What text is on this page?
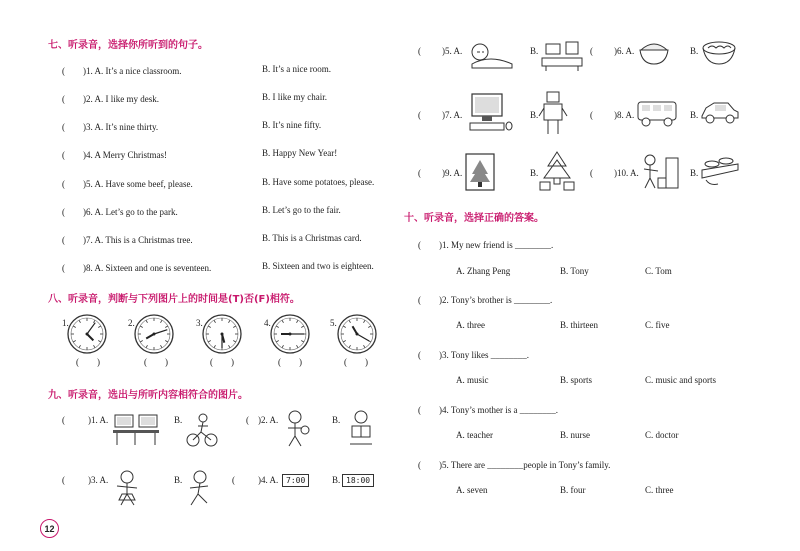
七、听录音，选择你所听到的句子。
(　　)1. A. It’s a nice classroom.	B. It’s a nice room.
(　　)2. A. I like my desk.	B. I like my chair.
(　　)3. A. It’s nine thirty.	B. It’s nine fifty.
(　　)4. A Merry Christmas!	B. Happy New Year!
(　　)5. A. Have some beef, please.	B. Have some potatoes, please.
(　　)6. A. Let’s go to the park.	B. Let’s go to the fair.
(　　)7. A. This is a Christmas tree.	B. This is a Christmas card.
(　　)8. A. Sixteen and one is seventeen.	B. Sixteen and two is eighteen.
八、听录音，判断与下列图片上的时间是(T)否(F)相符。
1.	2.	3.	4.	5.
(　　)	(　　)	(　　)	(　　)	(　　)
九、听录音，选出与所听内容相符合的图片。
(	)1. A.	B.	( )2. A.	B.
(	)3. A.	B.	(	)4. A. 7:00	B. 18:00
12
( )5. A.	B.	( )6. A.	B.
( )7. A.	B.	( )8. A.	B.
( )9. A.	B.	( )10. A.	B.
十、听录音，选择正确的答案。
(　　)1. My new friend is ________.
A. Zhang Peng	B. Tony	C. Tom
(　　)2. Tony’s brother is ________.
A. three	B. thirteen	C. five
(　　)3. Tony likes ________.
A. music	B. sports	C. music and sports
(　　)4. Tony’s mother is a ________.
A. teacher	B. nurse	C. doctor
(　　)5. There are ________people in Tony’s family.
A. seven	B. four	C. three
